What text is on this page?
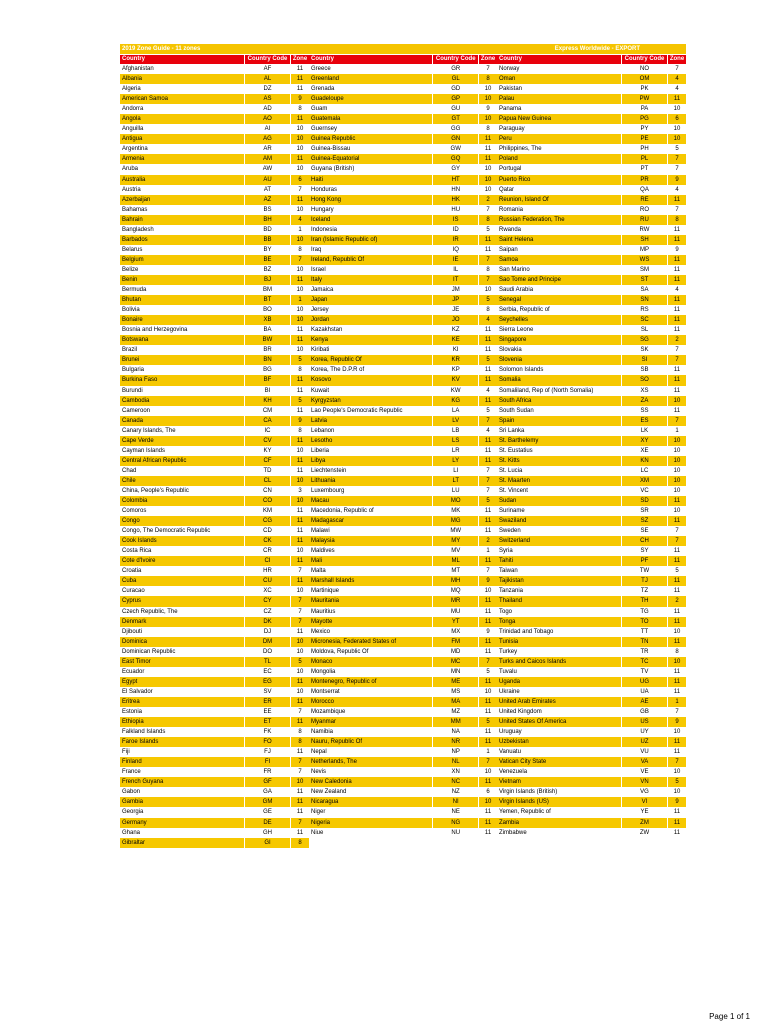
2019 Zone Guide - 11 zones	Express Worldwide - EXPORT
Country	Country Code Zone
Afghanistan	AF	11
Albania	AL	11
Algeria	DZ	11
American Samoa	AS	9
Andorra	AD	8
Angola	AO	11
Anguilla	AI	10
Antigua	AG	10
Argentina	AR	10
Armenia	AM	11
Aruba	AW	10
Australia	AU	6
Austria	AT	7
Azerbaijan	AZ	11
Bahamas	BS	10
Bahrain	BH	4
Bangladesh	BD	1
Barbados	BB	10
Belarus	BY	8
Belgium	BE	7
Belize	BZ	10
Benin	BJ	11
Bermuda	BM	10
Bhutan	BT	1
Bolivia	BO	10
Bonaire	XB	10
Bosnia and Herzegovina	BA	11
Botswana	BW	11
Brazil	BR	10
Brunei	BN	5
Bulgaria	BG	8
Burkina Faso	BF	11
Burundi	BI	11
Cambodia	KH	5
Cameroon	CM	11
Canada	CA	9
Canary Islands, The	IC	8
Cape Verde	CV	11
Cayman Islands	KY	10
Central African Republic	CF	11
Chad	TD	11
Chile	CL	10
China, People's Republic	CN	3
Colombia	CO	10
Comoros	KM	11
Congo	CG	11
Congo, The Democratic Republic	CD	11
Cook Islands	CK	11
Costa Rica	CR	10
Cote d'Ivoire	CI	11
Croatia	HR	7
Cuba	CU	11
Curacao	XC	10
Cyprus	CY	7
Czech Republic, The	CZ	7
Denmark	DK	7
Djibouti	DJ	11
Dominica	DM	10
Dominican Republic	DO	10
East Timor	TL	5
Ecuador	EC	10
Egypt	EG	11
El Salvador	SV	10
Eritrea	ER	11
Estonia	EE	7
Ethiopia	ET	11
Falkland Islands	FK	8
Faroe Islands	FO	8
Fiji	FJ	11
Finland	FI	7
France	FR	7
French Guyana	GF	10
Gabon	GA	11
Gambia	GM	11
Georgia	GE	11
Germany	DE	7
Ghana	GH	11
Gibraltar	GI	8
Country	Country Code Zone
Greece	GR	7
Greenland	GL	8
Grenada	GD	10
Guadeloupe	GP	10
Guam	GU	9
Guatemala	GT	10
Guernsey	GG	8
Guinea Republic	GN	11
Guinea-Bissau	GW	11
Guinea-Equatorial	GQ	11
Guyana (British)	GY	10
Haiti	HT	10
Honduras	HN	10
Hong Kong	HK	2
Hungary	HU	7
Iceland	IS	8
Indonesia	ID	5
Iran (Islamic Republic of)	IR	11
Iraq	IQ	11
Ireland, Republic Of	IE	7
Israel	IL	8
Italy	IT	7
Jamaica	JM	10
Japan	JP	5
Jersey	JE	8
Jordan	JO	4
Kazakhstan	KZ	11
Kenya	KE	11
Kiribati	KI	11
Korea, Republic Of	KR	5
Korea, The D.P.R of	KP	11
Kosovo	KV	11
Kuwait	KW	4
Kyrgyzstan	KG	11
Lao People's Democratic Republic	LA	5
Latvia	LV	7
Lebanon	LB	4
Lesotho	LS	11
Liberia	LR	11
Libya	LY	11
Liechtenstein	LI	7
Lithuania	LT	7
Luxembourg	LU	7
Macau	MO	5
Macedonia, Republic of	MK	11
Madagascar	MG	11
Malawi	MW	11
Malaysia	MY	2
Maldives	MV	1
Mali	ML	11
Malta	MT	7
Marshall Islands	MH	9
Martinique	MQ	10
Mauritania	MR	11
Mauritius	MU	11
Mayotte	YT	11
Mexico	MX	9
Micronesia, Federated States of	FM	11
Moldova, Republic Of	MD	11
Monaco	MC	7
Mongolia	MN	5
Montenegro, Republic of	ME	11
Montserrat	MS	10
Morocco	MA	11
Mozambique	MZ	11
Myanmar	MM	5
Namibia	NA	11
Nauru, Republic Of	NR	11
Nepal	NP	1
Netherlands, The	NL	7
Nevis	XN	10
New Caledonia	NC	11
New Zealand	NZ	6
Nicaragua	NI	10
Niger	NE	11
Nigeria	NG	11
Niue	NU	11
Country	Country Code Zone
Norway	NO	7
Oman	OM	4
Pakistan	PK	4
Palau	PW	11
Panama	PA	10
Papua New Guinea	PG	6
Paraguay	PY	10
Peru	PE	10
Philippines, The	PH	5
Poland	PL	7
Portugal	PT	7
Puerto Rico	PR	9
Qatar	QA	4
Reunion, Island Of	RE	11
Romania	RO	7
Russian Federation, The	RU	8
Rwanda	RW	11
Saint Helena	SH	11
Saipan	MP	9
Samoa	WS	11
San Marino	SM	11
Sao Tome and Principe	ST	11
Saudi Arabia	SA	4
Senegal	SN	11
Serbia, Republic of	RS	11
Seychelles	SC	11
Sierra Leone	SL	11
Singapore	SG	2
Slovakia	SK	7
Slovenia	SI	7
Solomon Islands	SB	11
Somalia	SO	11
Somaliland, Rep of (North Somalia)	XS	11
South Africa	ZA	10
South Sudan	SS	11
Spain	ES	7
Sri Lanka	LK	1
St. Barthelemy	XY	10
St. Eustatius	XE	10
St. Kitts	KN	10
St. Lucia	LC	10
St. Maarten	XM	10
St. Vincent	VC	10
Sudan	SD	11
Suriname	SR	10
Swaziland	SZ	11
Sweden	SE	7
Switzerland	CH	7
Syria	SY	11
Tahiti	PF	11
Taiwan	TW	5
Tajikistan	TJ	11
Tanzania	TZ	11
Thailand	TH	2
Togo	TG	11
Tonga	TO	11
Trinidad and Tobago	TT	10
Tunisia	TN	11
Turkey	TR	8
Turks and Caicos Islands	TC	10
Tuvalu	TV	11
Uganda	UG	11
Ukraine	UA	11
United Arab Emirates	AE	1
United Kingdom	GB	7
United States Of America	US	9
Uruguay	UY	10
Uzbekistan	UZ	11
Vanuatu	VU	11
Vatican City State	VA	7
Venezuela	VE	10
Vietnam	VN	5
Virgin Islands (British)	VG	10
Virgin Islands (US)	VI	9
Yemen, Republic of	YE	11
Zambia	ZM	11
Zimbabwe	ZW	11
Page 1 of 1
